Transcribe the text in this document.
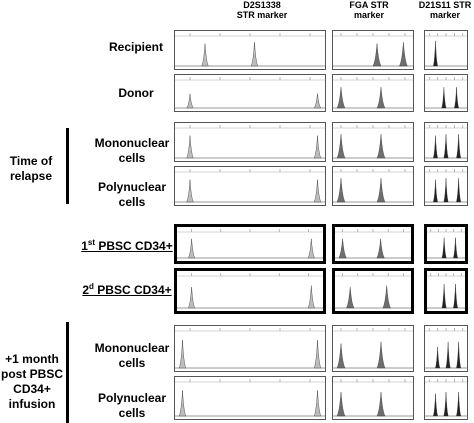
D2S1338
STR marker
FGA STR
marker
D21S11 STR
marker
Recipient
Donor
Mononuclear
cells
Polynuclear
cells
1st PBSC CD34+
$2^d$ PBSC CD34+
Mononuclear
cells
Polynuclear
cells
Time of
relapse
+1 month
post PBSC
CD34+
infusion
